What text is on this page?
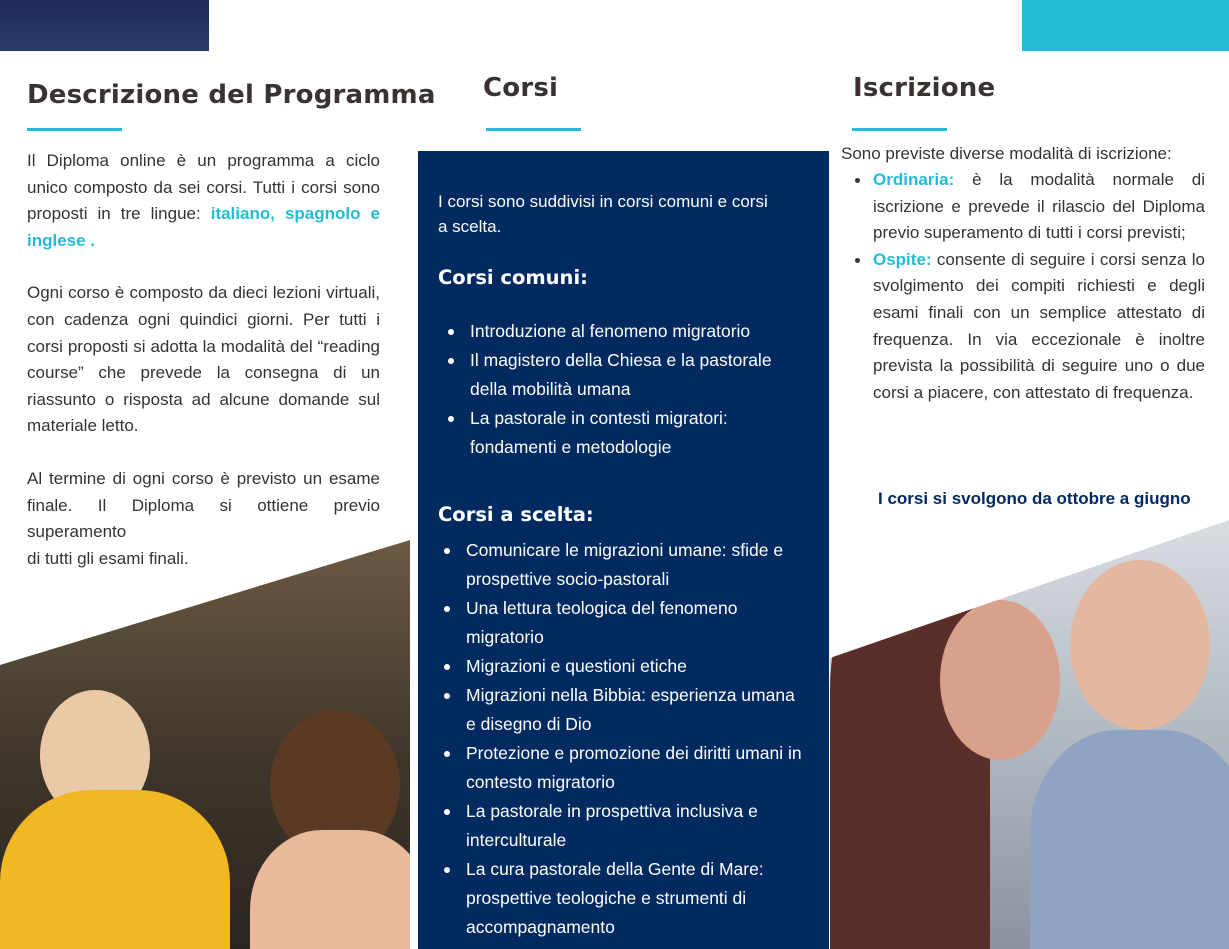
Descrizione del Programma

Il Diploma online è un programma a ciclo unico composto da sei corsi. Tutti i corsi sono proposti in tre lingue: italiano, spagnolo e inglese .

Ogni corso è composto da dieci lezioni virtuali, con cadenza ogni quindici giorni. Per tutti i corsi proposti si adotta la modalità del “reading course” che prevede la consegna di un riassunto o risposta ad alcune domande sul materiale letto.

Al termine di ogni corso è previsto un esame finale. Il Diploma si ottiene previo superamento
di tutti gli esami finali.

Corsi
I corsi sono suddivisi in corsi comuni e corsi a scelta.
Corsi comuni:
Introduzione al fenomeno migratorio
Il magistero della Chiesa e la pastorale della mobilità umana
La pastorale in contesti migratori: fondamenti e metodologie
Corsi a scelta:
Comunicare le migrazioni umane: sfide e prospettive socio-pastorali
Una lettura teologica del fenomeno migratorio
Migrazioni e questioni etiche
Migrazioni nella Bibbia: esperienza umana e disegno di Dio
Protezione e promozione dei diritti umani in contesto migratorio
La pastorale in prospettiva inclusiva e interculturale
La cura pastorale della Gente di Mare: prospettive teologiche e strumenti di accompagnamento
Iscrizione
Sono previste diverse modalità di iscrizione:
Ordinaria: è la modalità normale di iscrizione e prevede il rilascio del Diploma previo superamento di tutti i corsi previsti;
Ospite: consente di seguire i corsi senza lo svolgimento dei compiti richiesti e degli esami finali con un semplice attestato di frequenza. In via eccezionale è inoltre prevista la possibilità di seguire uno o due corsi a piacere, con attestato di frequenza.
I corsi si svolgono da ottobre a giugno
